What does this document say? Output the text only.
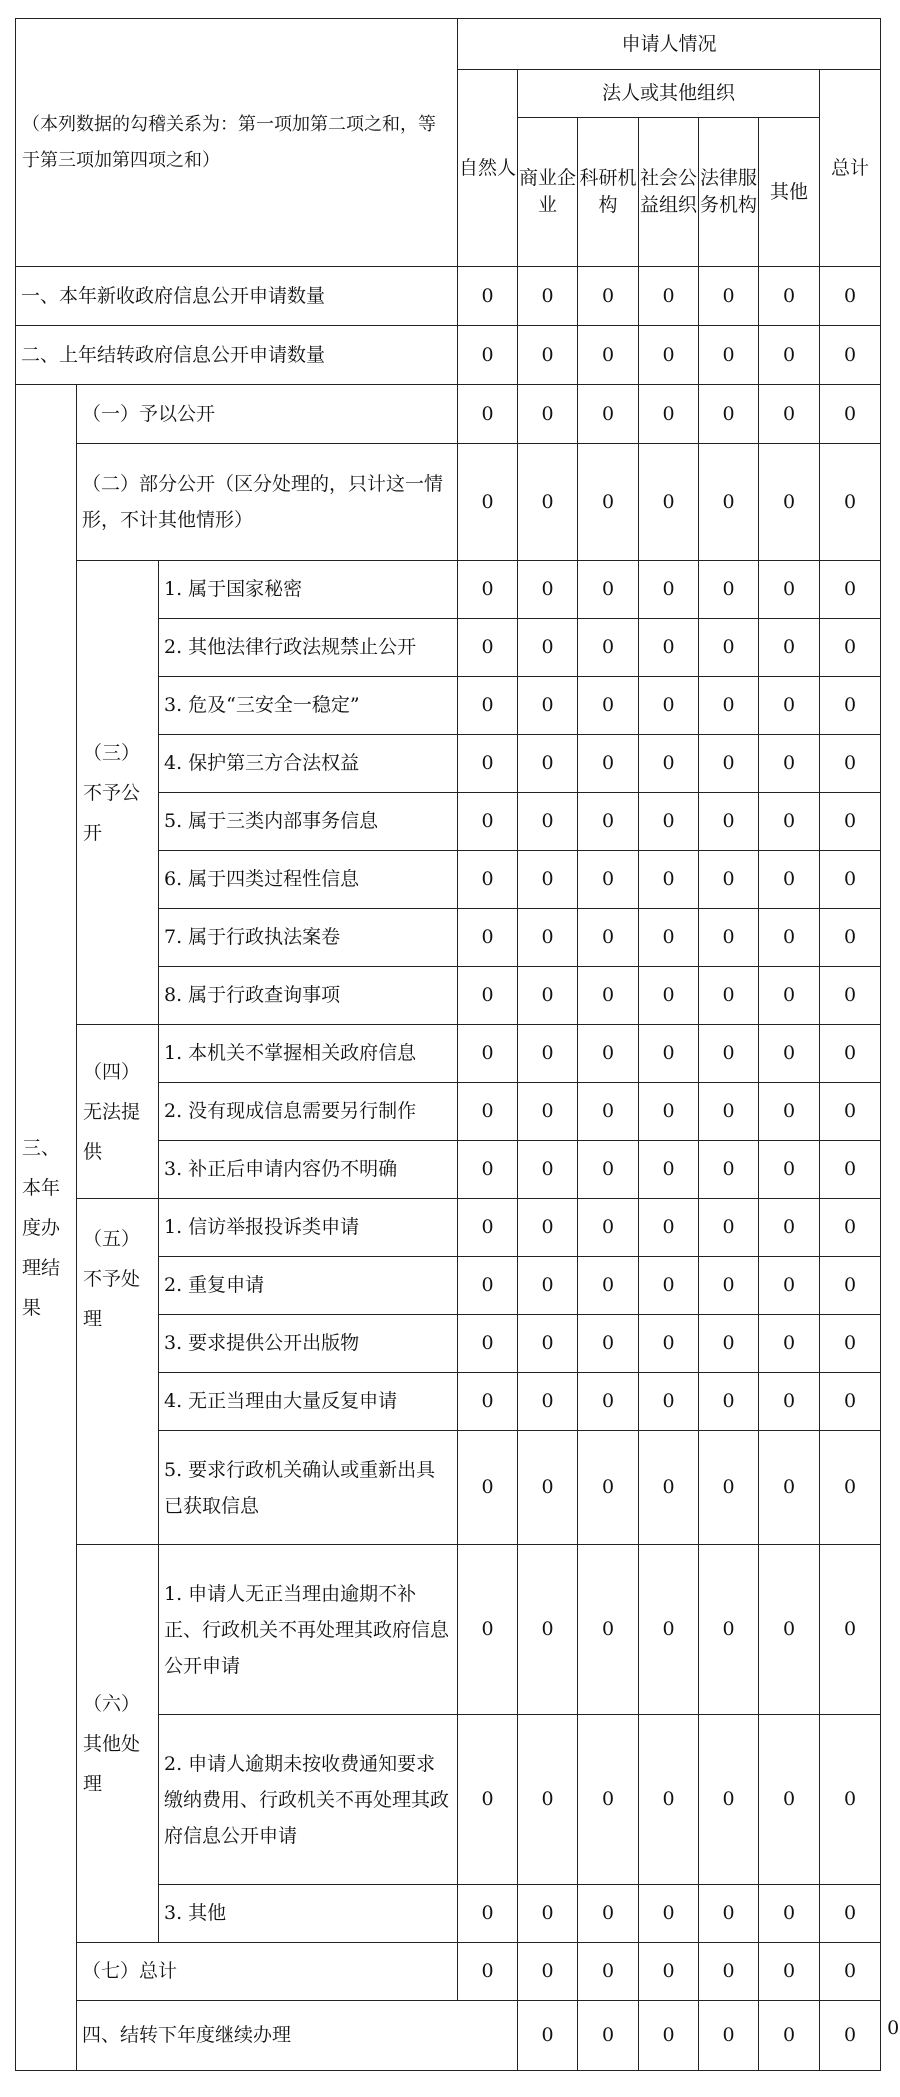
（本列数据的勾稽关系为：第一项加第二项之和，等于第三项加第四项之和）			申请人情况							
			自然人	法人或其他组织					总计	
				商业企业	科研机构	社会公益组织	法律服务机构	其他		
一、本年新收政府信息公开申请数量			0	0	0	0	0	0	0	
二、上年结转政府信息公开申请数量			0	0	0	0	0	0	0	
三、本年度办理结果	（一）予以公开		0	0	0	0	0	0	0	
	（二）部分公开（区分处理的，只计这一情形，不计其他情形）		0	0	0	0	0	0	0	
	（三）不予公开	1. 属于国家秘密	0	0	0	0	0	0	0	
		2. 其他法律行政法规禁止公开	0	0	0	0	0	0	0	
		3. 危及“三安全一稳定”	0	0	0	0	0	0	0	
		4. 保护第三方合法权益	0	0	0	0	0	0	0	
		5. 属于三类内部事务信息	0	0	0	0	0	0	0	
		6. 属于四类过程性信息	0	0	0	0	0	0	0	
		7. 属于行政执法案卷	0	0	0	0	0	0	0	
		8. 属于行政查询事项	0	0	0	0	0	0	0	
	（四）无法提供	1. 本机关不掌握相关政府信息	0	0	0	0	0	0	0	
		2. 没有现成信息需要另行制作	0	0	0	0	0	0	0	
		3. 补正后申请内容仍不明确	0	0	0	0	0	0	0	
	（五）不予处理	1. 信访举报投诉类申请	0	0	0	0	0	0	0	
		2. 重复申请	0	0	0	0	0	0	0	
		3. 要求提供公开出版物	0	0	0	0	0	0	0	
		4. 无正当理由大量反复申请	0	0	0	0	0	0	0	
		5. 要求行政机关确认或重新出具已获取信息	0	0	0	0	0	0	0	
	（六）其他处理	1. 申请人无正当理由逾期不补正、行政机关不再处理其政府信息公开申请	0	0	0	0	0	0	0	
		2. 申请人逾期未按收费通知要求缴纳费用、行政机关不再处理其政府信息公开申请	0	0	0	0	0	0	0	
		3. 其他	0	0	0	0	0	0	0	
	（七）总计		0	0	0	0	0	0	0	
	四、结转下年度继续办理			0	0	0	0	0	0	0
